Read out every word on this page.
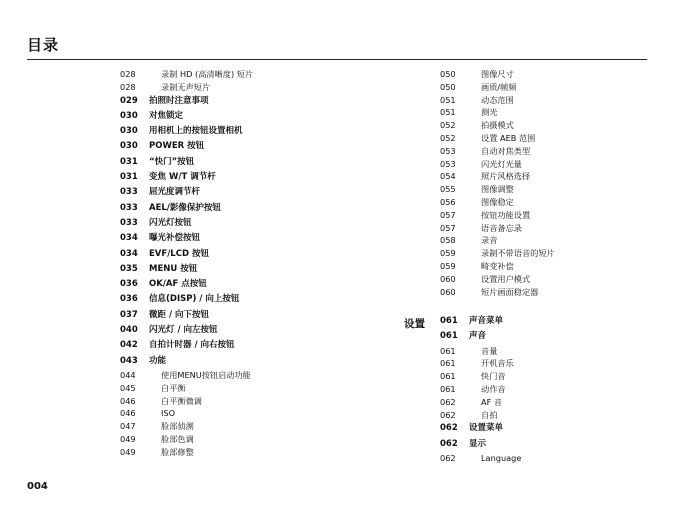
目录
028	录制 HD (高清晰度) 短片
028	录制无声短片
029	拍照时注意事项
030	对焦锁定
030	用相机上的按钮设置相机
030	POWER 按钮
031	“快门”按钮
031	变焦 W/T 调节杆
033	屈光度调节杆
033	AEL/影像保护按钮
033	闪光灯按钮
034	曝光补偿按钮
034	EVF/LCD 按钮
035	MENU 按钮
036	OK/AF 点按钮
036	信息(DISP) / 向上按钮
037	微距 / 向下按钮
040	闪光灯 / 向左按钮
042	自拍计时器 / 向右按钮
043	功能
044	使用MENU按钮启动功能
045	白平衡
046	白平衡微调
046	ISO
047	脸部侦测
049	脸部色调
049	脸部修整
050	图像尺寸
050	画质/帧频
051	动态范围
051	测光
052	拍摄模式
052	设置 AEB 范围
053	自动对焦类型
053	闪光灯光量
054	照片风格选择
055	图像调整
056	图像稳定
057	按钮功能设置
057	语音备忘录
058	录音
059	录制不带语音的短片
059	畸变补偿
060	设置用户模式
060	短片画面稳定器
061	声音菜单
061	声音
061	音量
061	开机音乐
061	快门音
061	动作音
062	AF 音
062	自拍
062	设置菜单
062	显示
062	Language
设置
004
